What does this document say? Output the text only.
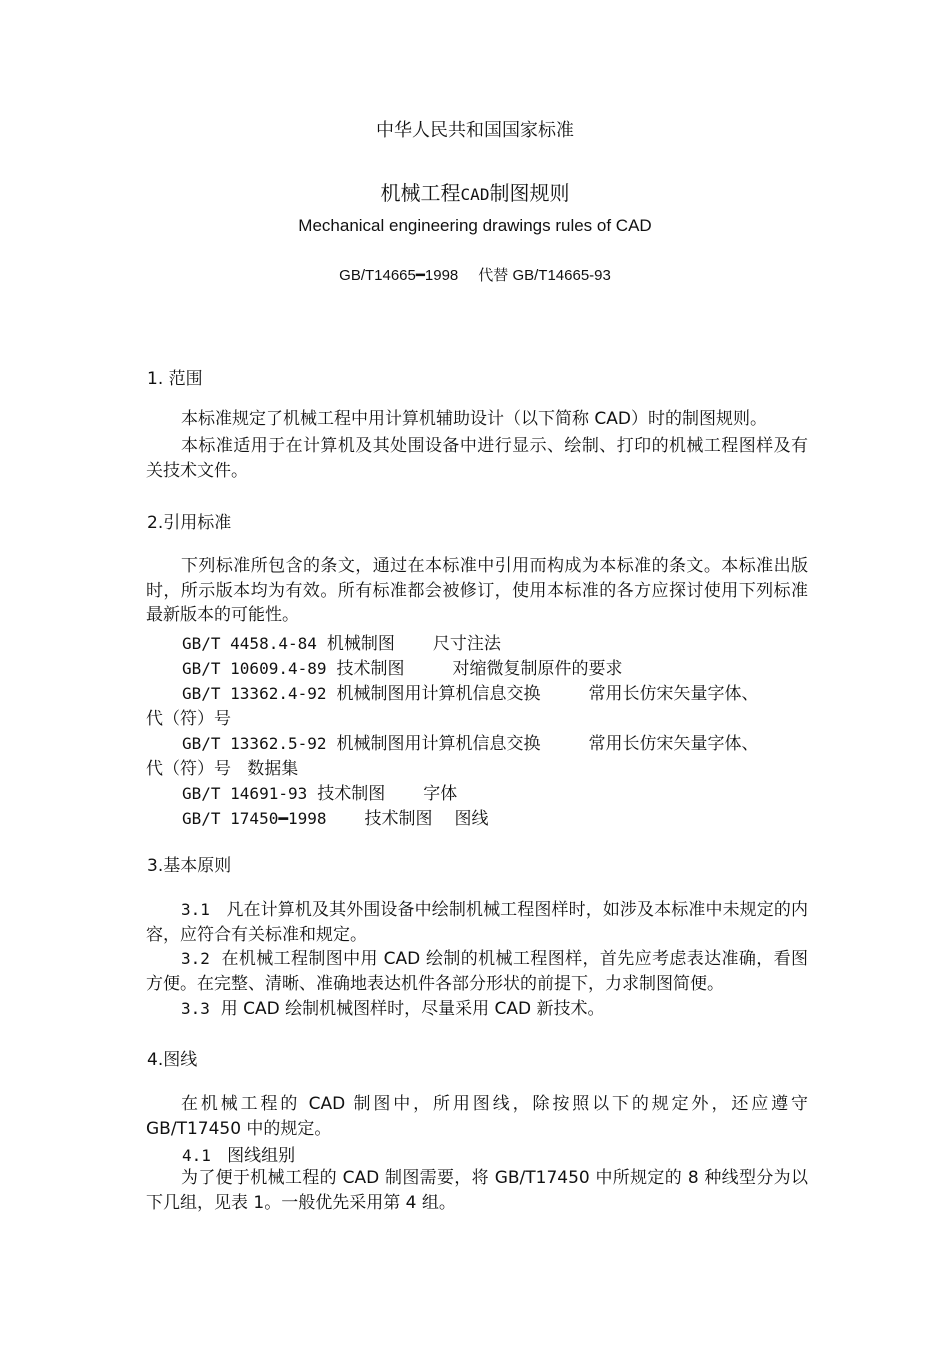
中华人民共和国国家标准
机械工程CAD制图规则
Mechanical engineering drawings rules of CAD
GB/T14665━1998 代替 GB/T14665-93
1. 范围
本标准规定了机械工程中用计算机辅助设计（以下简称 CAD）时的制图规则。
本标准适用于在计算机及其处围设备中进行显示、绘制、打印的机械工程图样及有关技术文件。
2.引用标准
下列标准所包含的条文，通过在本标准中引用而构成为本标准的条文。本标准出版时，所示版本均为有效。所有标准都会被修订，使用本标准的各方应探讨使用下列标准最新版本的可能性。
GB/T 4458.4-84 机械制图 尺寸注法
GB/T 10609.4-89 技术制图	对缩微复制原件的要求
GB/T 13362.4-92 机械制图用计算机信息交换	常用长仿宋矢量字体、
代（符）号
GB/T 13362.5-92 机械制图用计算机信息交换	常用长仿宋矢量字体、
代（符）号   数据集
GB/T 14691-93 技术制图 字体
GB/T 17450━1998 技术制图 图线
3.基本原则
3.1 凡在计算机及其外围设备中绘制机械工程图样时，如涉及本标准中未规定的内容，应符合有关标准和规定。
3.2 在机械工程制图中用 CAD 绘制的机械工程图样，首先应考虑表达准确，看图方便。在完整、清晰、准确地表达机件各部分形状的前提下，力求制图简便。
3.3 用 CAD 绘制机械图样时，尽量采用 CAD 新技术。
4.图线
在机械工程的 CAD 制图中，所用图线，除按照以下的规定外，还应遵守 GB/T17450 中的规定。
4.1 图线组别
为了便于机械工程的 CAD 制图需要，将 GB/T17450 中所规定的 8 种线型分为以下几组，见表 1。一般优先采用第 4 组。
